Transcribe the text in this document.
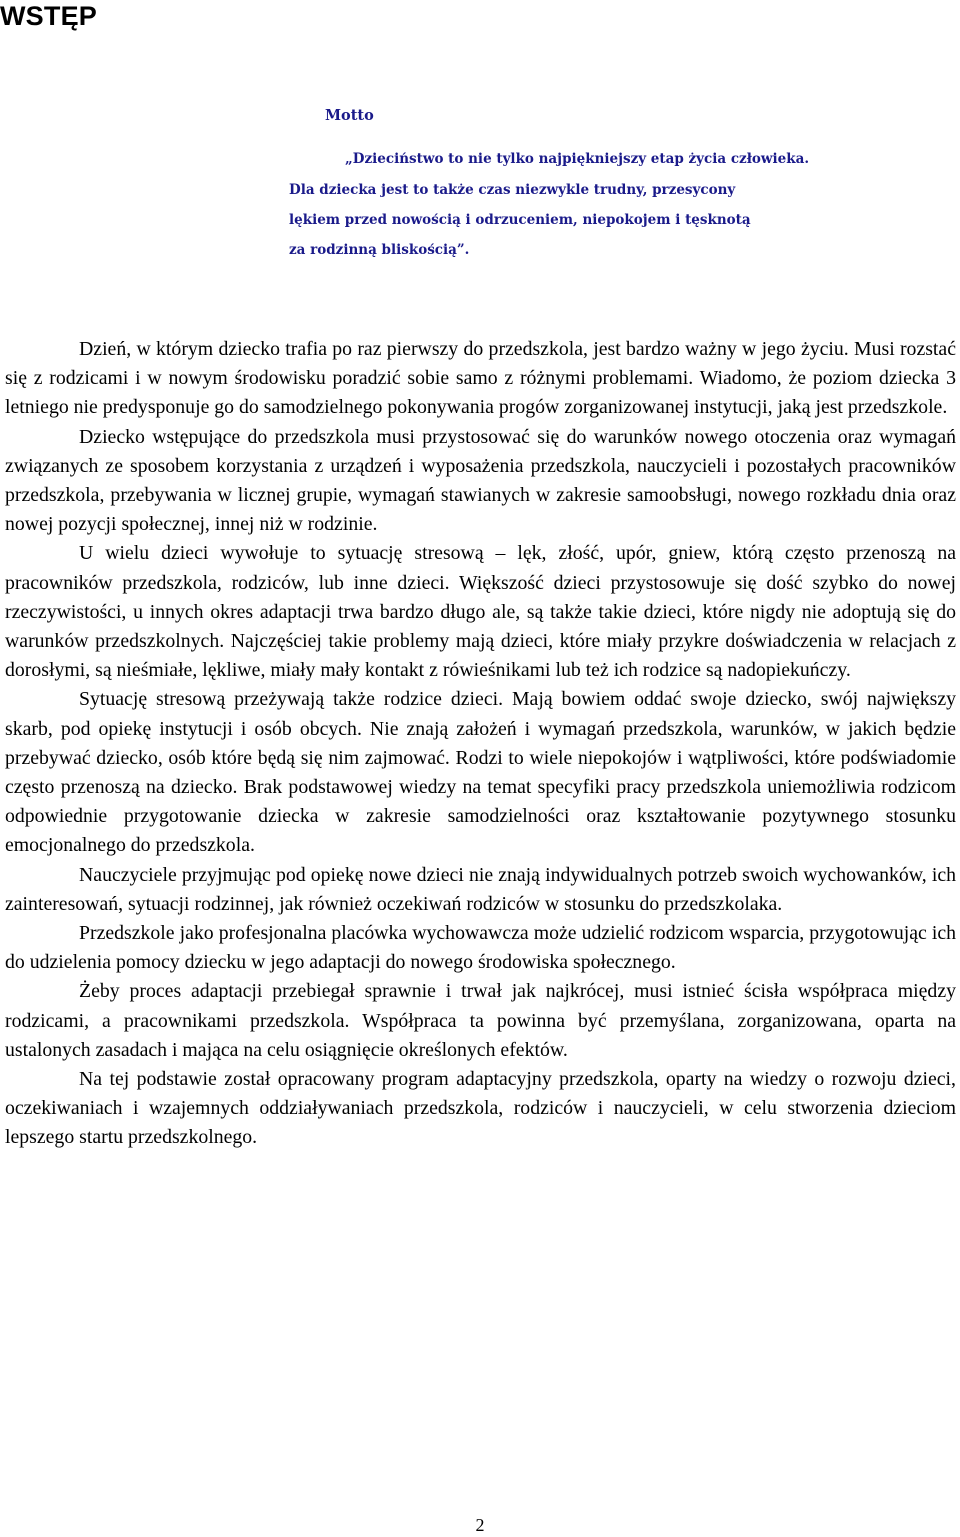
WSTĘP

Motto

„Dzieciństwo to nie tylko najpiękniejszy etap życia człowieka.

Dla dziecka jest to także czas niezwykle trudny, przesycony

lękiem przed nowością i odrzuceniem, niepokojem i tęsknotą

za rodzinną bliskością”.

Dzień, w którym dziecko trafia po raz pierwszy do przedszkola, jest bardzo ważny w jego życiu. Musi rozstać się z rodzicami i w nowym środowisku poradzić sobie samo z różnymi problemami. Wiadomo, że poziom dziecka 3 letniego nie predysponuje go do samodzielnego pokonywania progów zorganizowanej instytucji, jaką jest przedszkole.

Dziecko wstępujące do przedszkola musi przystosować się do warunków nowego otoczenia oraz wymagań związanych ze sposobem korzystania z urządzeń i wyposażenia przedszkola, nauczycieli i pozostałych pracowników przedszkola, przebywania w licznej grupie, wymagań stawianych w zakresie samoobsługi, nowego rozkładu dnia oraz nowej pozycji społecznej, innej niż w rodzinie.

U wielu dzieci wywołuje to sytuację stresową – lęk, złość, upór, gniew, którą często przenoszą na pracowników przedszkola, rodziców, lub inne dzieci. Większość dzieci przystosowuje się dość szybko do nowej rzeczywistości, u innych okres adaptacji trwa bardzo długo ale, są także takie dzieci, które nigdy nie adoptują się do warunków przedszkolnych. Najczęściej takie problemy mają dzieci, które miały przykre doświadczenia w relacjach z dorosłymi, są nieśmiałe, lękliwe, miały mały kontakt z rówieśnikami lub też ich rodzice są nadopiekuńczy.

Sytuację stresową przeżywają także rodzice dzieci. Mają bowiem oddać swoje dziecko, swój największy skarb, pod opiekę instytucji i osób obcych. Nie znają założeń i wymagań przedszkola, warunków, w jakich będzie przebywać dziecko, osób które będą się nim zajmować. Rodzi to wiele niepokojów i wątpliwości, które podświadomie często przenoszą na dziecko. Brak podstawowej wiedzy na temat specyfiki pracy przedszkola uniemożliwia rodzicom odpowiednie przygotowanie dziecka w zakresie samodzielności oraz kształtowanie pozytywnego stosunku emocjonalnego do przedszkola.

Nauczyciele przyjmując pod opiekę nowe dzieci nie znają indywidualnych potrzeb swoich wychowanków, ich zainteresowań, sytuacji rodzinnej, jak również oczekiwań rodziców w stosunku do przedszkolaka.

Przedszkole jako profesjonalna placówka wychowawcza może udzielić rodzicom wsparcia, przygotowując ich do udzielenia pomocy dziecku w jego adaptacji do nowego środowiska społecznego.

Żeby proces adaptacji przebiegał sprawnie i trwał jak najkrócej, musi istnieć ścisła współpraca między rodzicami, a pracownikami przedszkola. Współpraca ta powinna być przemyślana, zorganizowana, oparta na ustalonych zasadach i mająca na celu osiągnięcie określonych efektów.

Na tej podstawie został opracowany program adaptacyjny przedszkola, oparty na wiedzy o rozwoju dzieci, oczekiwaniach i wzajemnych oddziaływaniach przedszkola, rodziców i nauczycieli, w celu stworzenia dzieciom lepszego startu przedszkolnego.

2
